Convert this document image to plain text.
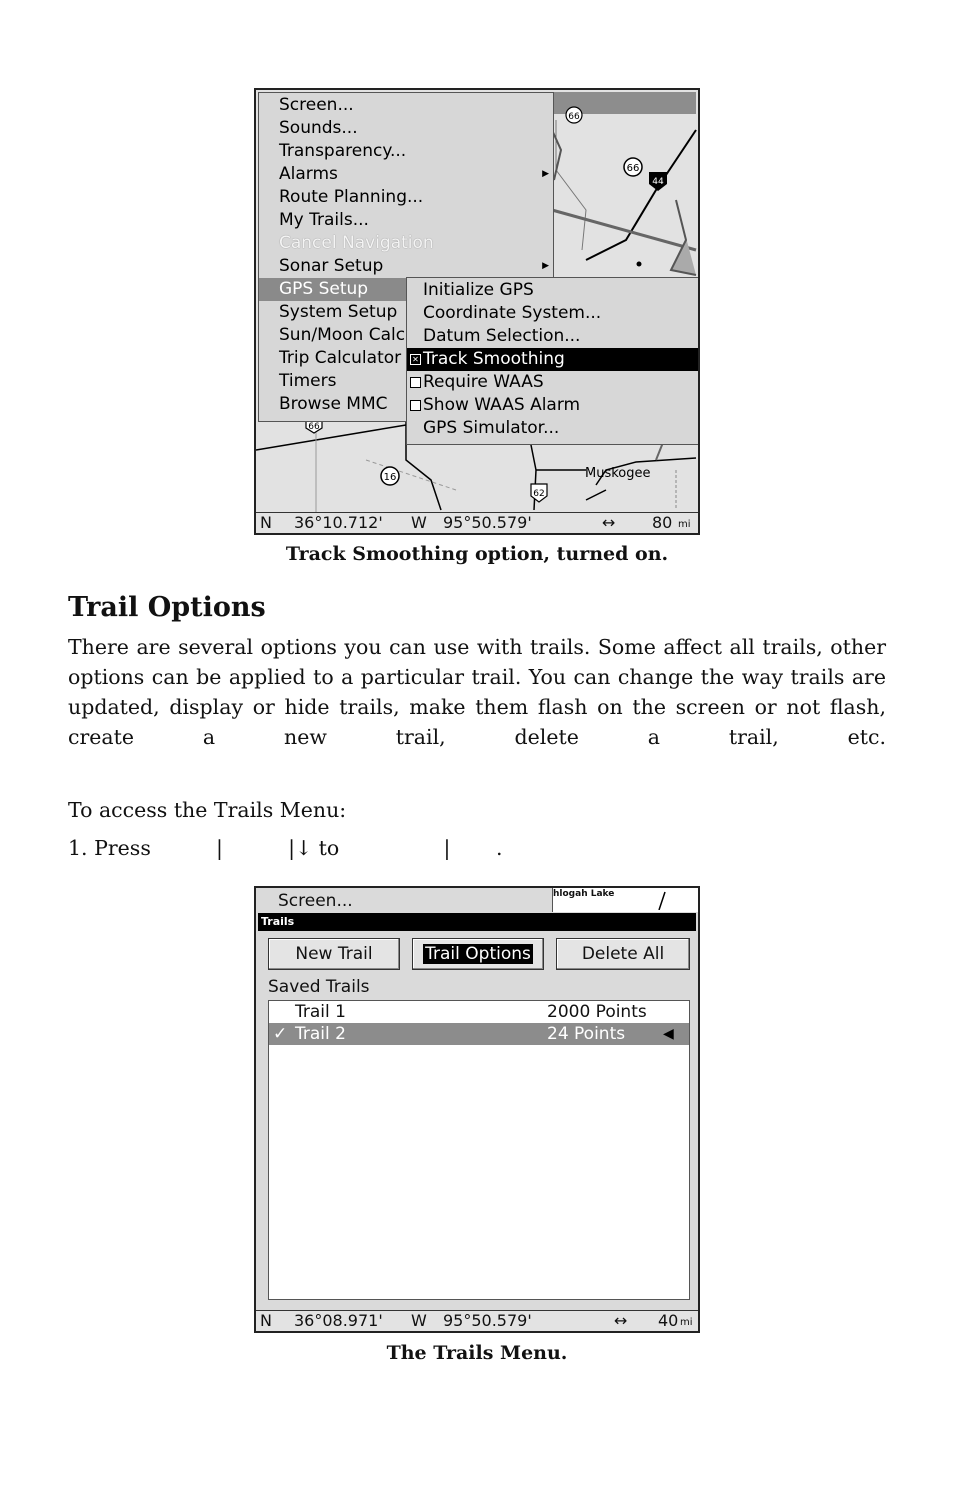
66
44
66
66
16
62
Muskogee
Screen...
Sounds...
Transparency...
Alarms	▶
Route Planning...
My Trails...
Cancel Navigation
Sonar Setup	▶
GPS Setup
System Setup
Sun/Moon Calc
Trip Calculator
Timers
Browse MMC
Initialize GPS
Coordinate System...
Datum Selection...
✕ Track Smoothing
Require WAAS
Show WAAS Alarm
GPS Simulator...
N 36°10.712' W 95°50.579'	↔ 80 mi
Track Smoothing option, turned on.
Trail Options
There are several options you can use with trails. Some affect all trails, other options can be applied to a particular trail. You can change the way trails are updated, display or hide trails, make them flash on the screen or not flash, create a new trail, delete a trail, etc.
To access the Trails Menu:
1. Press          |          |↓ to                |       .
Screen...	hlogah Lake
Trails
New Trail	Trail Options	Delete All
Saved Trails
Trail 1	2000 Points
✓ Trail 2	24 Points	◀
N 36°08.971' W 95°50.579'	↔ 40 mi
The Trails Menu.
